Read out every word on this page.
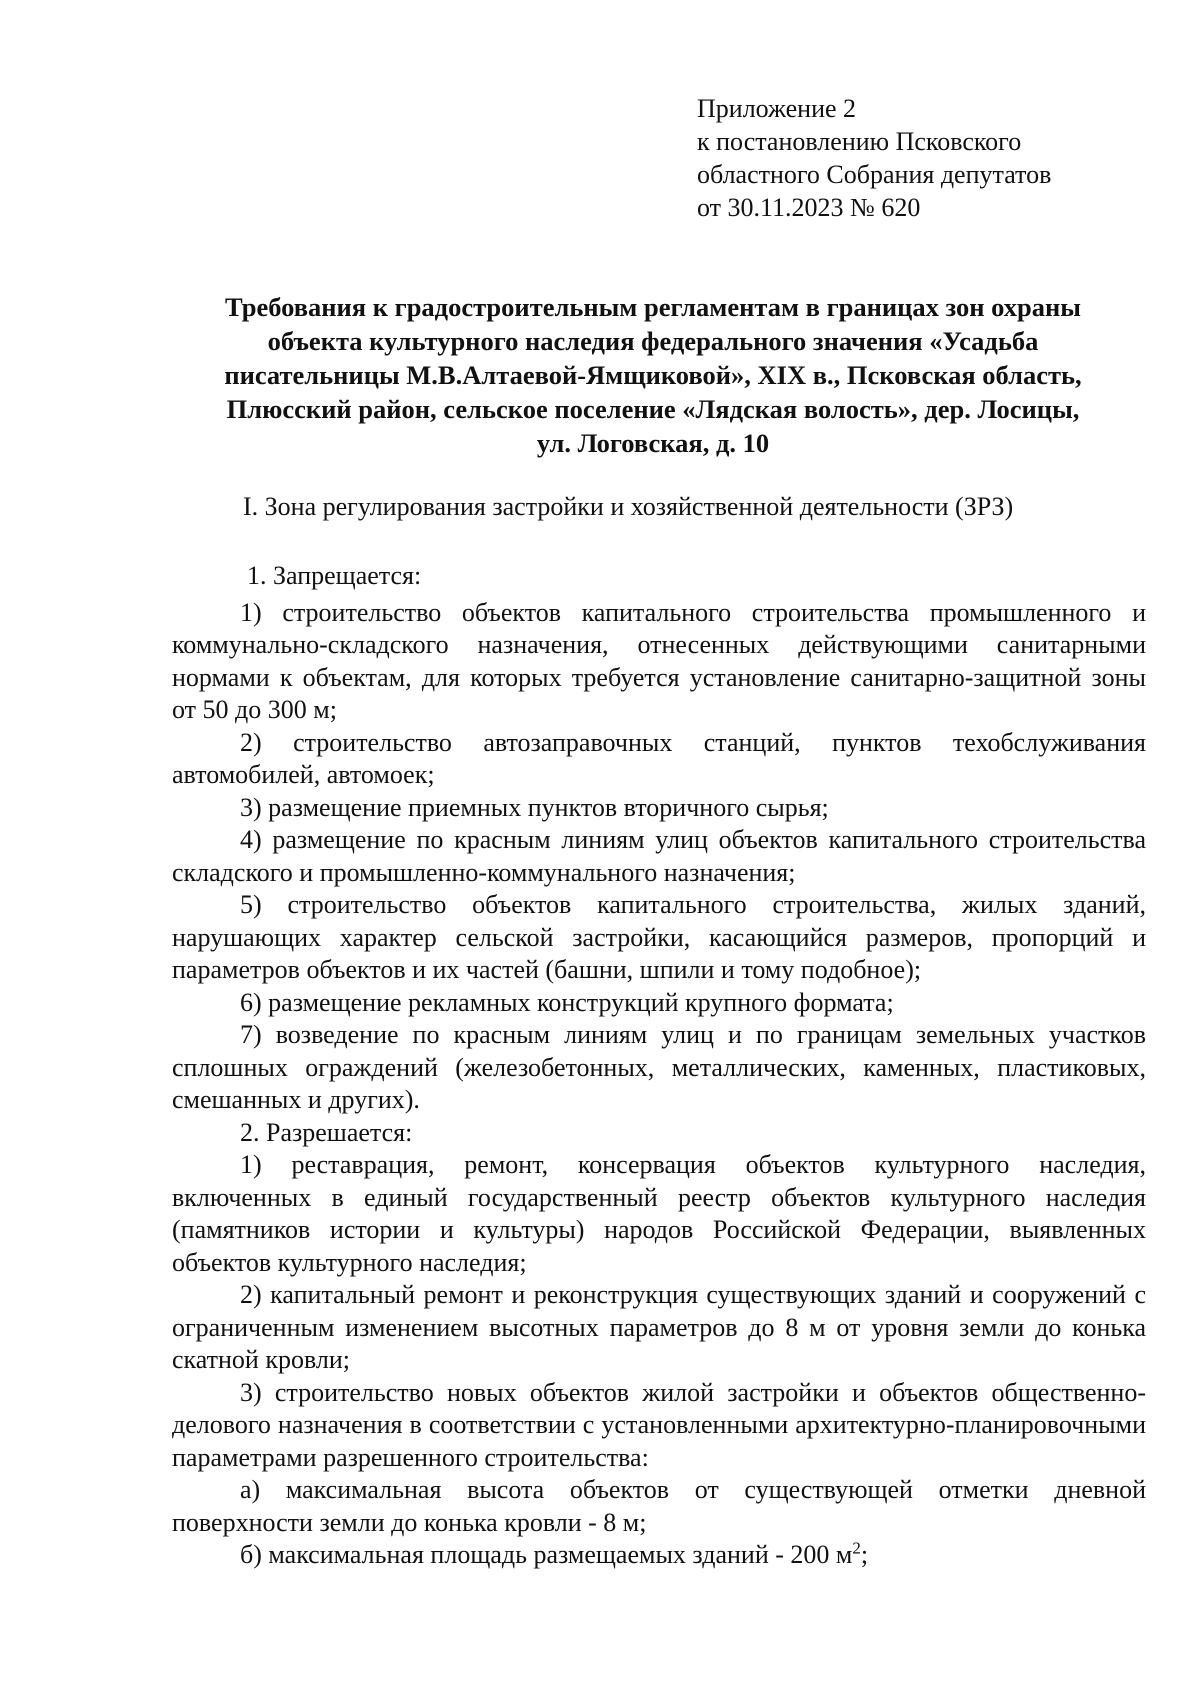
Приложение 2
к постановлению Псковского
областного Собрания депутатов
от 30.11.2023 № 620
Требования к градостроительным регламентам в границах зон охраны
объекта культурного наследия федерального значения «Усадьба
писательницы М.В.Алтаевой-Ямщиковой», XIX в., Псковская область,
Плюсский район, сельское поселение «Лядская волость», дер. Лосицы,
ул. Логовская, д. 10
I. Зона регулирования застройки и хозяйственной деятельности (ЗРЗ)

1. Запрещается:

1) строительство объектов капитального строительства промышленного и коммунально-складского назначения, отнесенных действующими санитарными нормами к объектам, для которых требуется установление санитарно-защитной зоны от 50 до 300 м;

2) строительство автозаправочных станций, пунктов техобслуживания автомобилей, автомоек;

3) размещение приемных пунктов вторичного сырья;

4) размещение по красным линиям улиц объектов капитального строительства складского и промышленно-коммунального назначения;

5) строительство объектов капитального строительства, жилых зданий, нарушающих характер сельской застройки, касающийся размеров, пропорций и параметров объектов и их частей (башни, шпили и тому подобное);

6) размещение рекламных конструкций крупного формата;

7) возведение по красным линиям улиц и по границам земельных участков сплошных ограждений (железобетонных, металлических, каменных, пластиковых, смешанных и других).

2. Разрешается:

1) реставрация, ремонт, консервация объектов культурного наследия, включенных в единый государственный реестр объектов культурного наследия (памятников истории и культуры) народов Российской Федерации, выявленных объектов культурного наследия;

2) капитальный ремонт и реконструкция существующих зданий и сооружений с ограниченным изменением высотных параметров до 8 м от уровня земли до конька скатной кровли;

3) строительство новых объектов жилой застройки и объектов общественно-делового назначения в соответствии с установленными архитектурно-планировочными параметрами разрешенного строительства:

а) максимальная высота объектов от существующей отметки дневной поверхности земли до конька кровли - 8 м;

б) максимальная площадь размещаемых зданий - 200 $м^2$;
